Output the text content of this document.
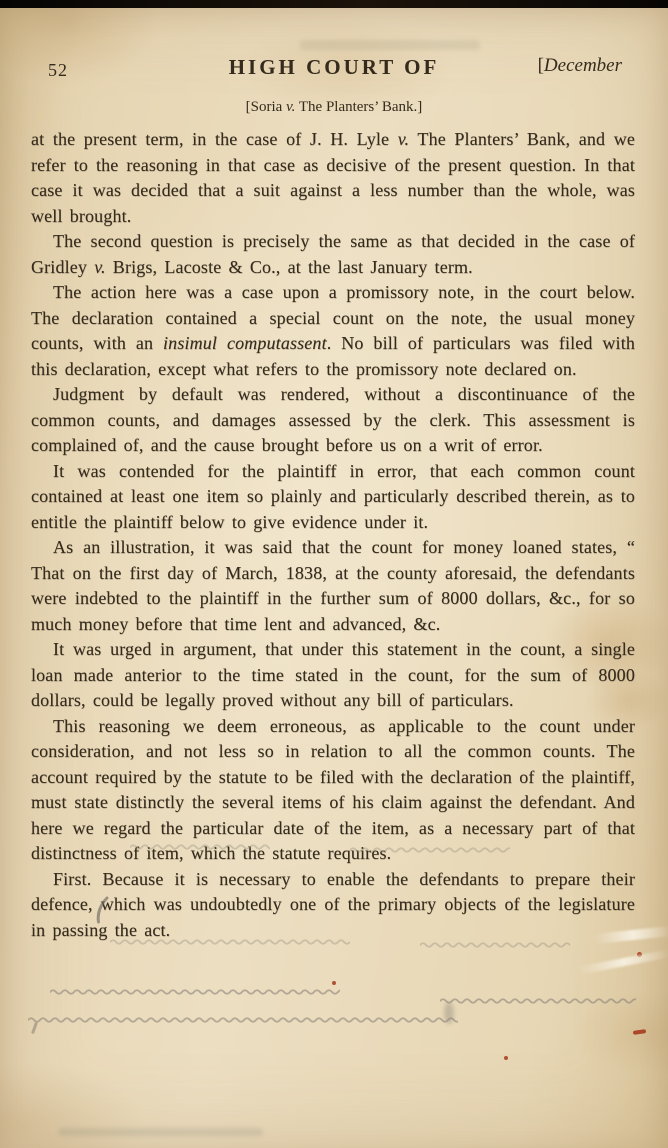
52	HIGH COURT OF	[December
[Soria v. The Planters’ Bank.]

at the present term, in the case of J. H. Lyle v. The Planters’ Bank, and we refer to the reasoning in that case as decisive of the present question. In that case it was decided that a suit against a less number than the whole, was well brought.

The second question is precisely the same as that decided in the case of Gridley v. Brigs, Lacoste & Co., at the last January term.

The action here was a case upon a promissory note, in the court below. The declaration contained a special count on the note, the usual money counts, with an insimul computassent. No bill of particulars was filed with this declaration, except what refers to the promissory note declared on.

Judgment by default was rendered, without a discontinuance of the common counts, and damages assessed by the clerk. This assessment is complained of, and the cause brought before us on a writ of error.

It was contended for the plaintiff in error, that each common count contained at least one item so plainly and particularly described therein, as to entitle the plaintiff below to give evidence under it.

As an illustration, it was said that the count for money loaned states, “ That on the first day of March, 1838, at the county aforesaid, the defendants were indebted to the plaintiff in the further sum of 8000 dollars, &c., for so much money before that time lent and advanced, &c.

It was urged in argument, that under this statement in the count, a single loan made anterior to the time stated in the count, for the sum of 8000 dollars, could be legally proved without any bill of particulars.

This reasoning we deem erroneous, as applicable to the count under consideration, and not less so in relation to all the common counts. The account required by the statute to be filed with the declaration of the plaintiff, must state distinctly the several items of his claim against the defendant. And here we regard the particular date of the item, as a necessary part of that distinctness of item, which the statute requires.

First. Because it is necessary to enable the defendants to prepare their defence, which was undoubtedly one of the primary objects of the legislature in passing the act.
